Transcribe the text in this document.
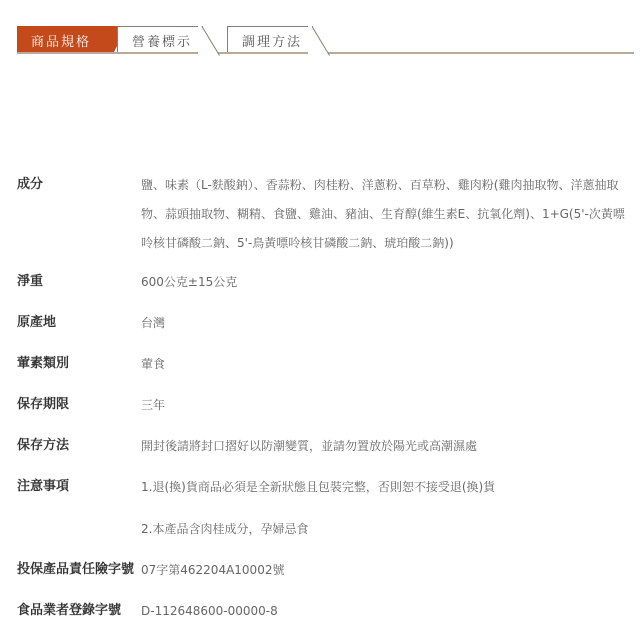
商品規格	營養標示	調理方法
成分	鹽、味素（L-麩酸鈉）、香蒜粉、肉桂粉、洋蔥粉、百草粉、雞肉粉(雞肉抽取物、洋蔥抽取物、蒜頭抽取物、糊精、食鹽、雞油、豬油、生育醇(維生素E、抗氧化劑)、1+G(5'-次黃嘌呤核甘磷酸二鈉、5'-鳥黃嘌呤核甘磷酸二鈉、琥珀酸二鈉))
淨重	600公克±15公克
原產地	台灣
葷素類別	葷食
保存期限	三年
保存方法	開封後請將封口摺好以防潮變質，並請勿置放於陽光或高潮濕處
注意事項	1.退(換)貨商品必須是全新狀態且包裝完整，否則恕不接受退(換)貨
2.本產品含肉桂成分，孕婦忌食
投保產品責任險字號 07字第462204A10002號
食品業者登錄字號	D-112648600-00000-8
